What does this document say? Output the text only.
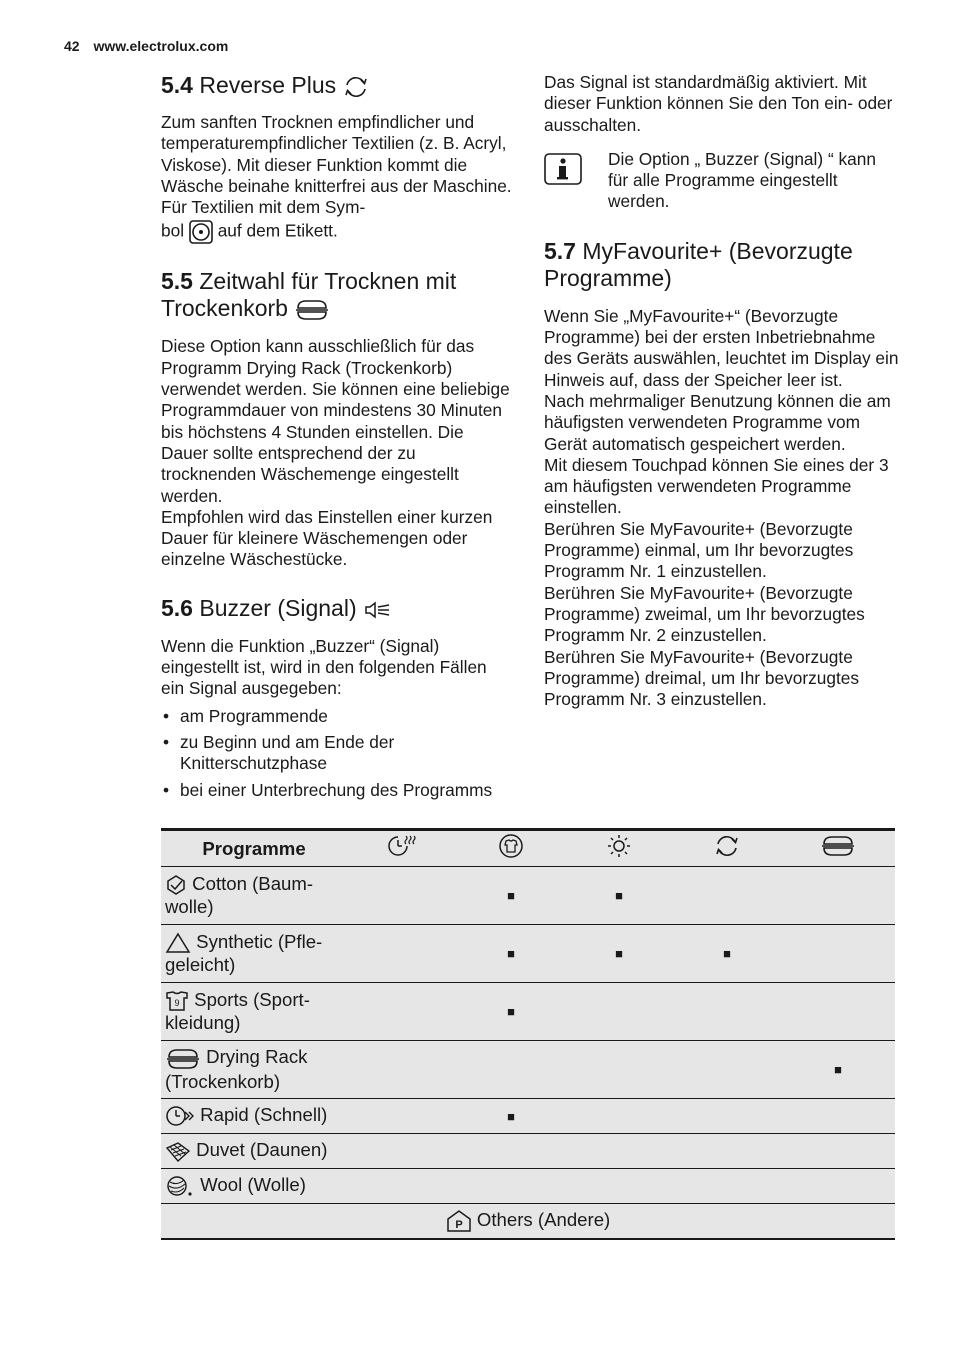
42 www.electrolux.com
5.4 Reverse Plus

Zum sanften Trocknen empfindlicher und temperaturempfindlicher Textilien (z. B. Acryl, Viskose). Mit dieser Funktion kommt die Wäsche beinahe knitterfrei aus der Maschine. Für Textilien mit dem Sym-

bol auf dem Etikett.

5.5 Zeitwahl für Trocknen mit
Trockenkorb

Diese Option kann ausschließlich für das Programm Drying Rack (Trockenkorb) verwendet werden. Sie können eine beliebige Programmdauer von mindestens 30 Minuten bis höchstens 4 Stunden einstellen. Die Dauer sollte entsprechend der zu trocknenden Wäschemenge eingestellt werden.

Empfohlen wird das Einstellen einer kurzen Dauer für kleinere Wäschemengen oder einzelne Wäschestücke.

5.6 Buzzer (Signal)

Wenn die Funktion „Buzzer“ (Signal) eingestellt ist, wird in den folgenden Fällen ein Signal ausgegeben:

• am Programmende
• zu Beginn und am Ende der Knitterschutzphase
• bei einer Unterbrechung des Programms

Das Signal ist standardmäßig aktiviert. Mit dieser Funktion können Sie den Ton ein- oder ausschalten.

Die Option „ Buzzer (Signal) “ kann für alle Programme eingestellt werden.

5.7 MyFavourite+ (Bevorzugte Programme)

Wenn Sie „MyFavourite+“ (Bevorzugte Programme) bei der ersten Inbetriebnahme des Geräts auswählen, leuchtet im Display ein Hinweis auf, dass der Speicher leer ist.

Nach mehrmaliger Benutzung können die am häufigsten verwendeten Programme vom Gerät automatisch gespeichert werden.

Mit diesem Touchpad können Sie eines der 3 am häufigsten verwendeten Programme einstellen.

Berühren Sie MyFavourite+ (Bevorzugte Programme) einmal, um Ihr bevorzugtes Programm Nr. 1 einzustellen.

Berühren Sie MyFavourite+ (Bevorzugte Programme) zweimal, um Ihr bevorzugtes Programm Nr. 2 einzustellen.

Berühren Sie MyFavourite+ (Bevorzugte Programme) dreimal, um Ihr bevorzugtes Programm Nr. 3 einzustellen.

Programme					
Cotton (Baum-
wolle)		■	■		
Synthetic (Pfle-
geleicht)		■	■	■	

9 Sports (Sport-
kleidung)		■			
Drying Rack
(Trockenkorb)					■
Rapid (Schnell)		■			
Duvet (Daunen)					
Wool (Wolle)					

P Others (Andere)					
